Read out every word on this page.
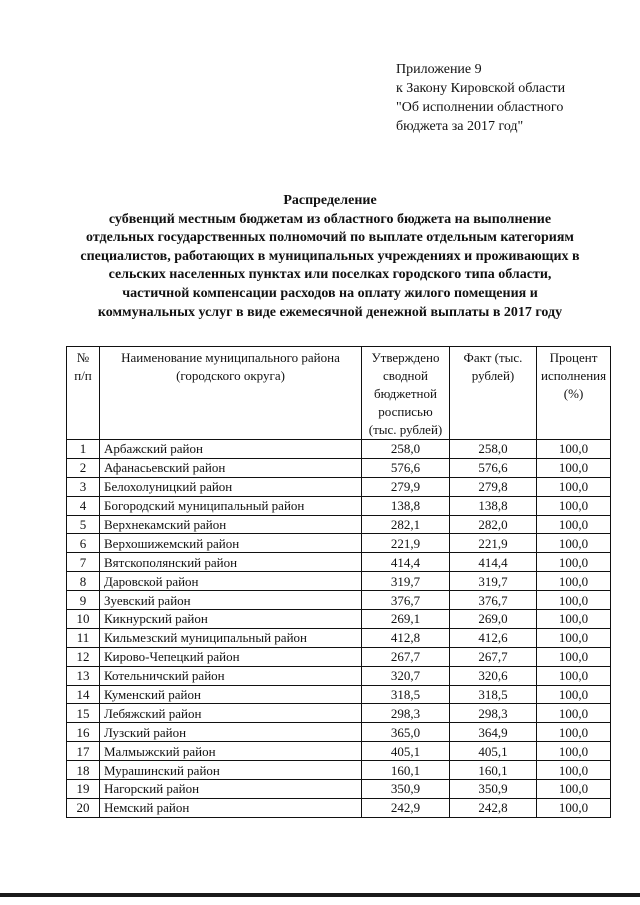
Приложение 9
к Закону Кировской области
"Об исполнении областного
бюджета за 2017 год"
Распределение
субвенций местным бюджетам из областного бюджета на выполнение
отдельных государственных полномочий по выплате отдельным категориям
специалистов, работающих в муниципальных учреждениях и проживающих в
сельских населенных пунктах или поселках городского типа области,
частичной компенсации расходов на оплату жилого помещения и
коммунальных услуг в виде ежемесячной денежной выплаты в 2017 году
№ п/п	Наименование муниципального района (городского округа)	Утверждено сводной бюджетной росписью (тыс. рублей)	Факт (тыс. рублей)	Процент исполнения (%)
1	Арбажский район	258,0	258,0	100,0
2	Афанасьевский район	576,6	576,6	100,0
3	Белохолуницкий район	279,9	279,8	100,0
4	Богородский муниципальный район	138,8	138,8	100,0
5	Верхнекамский район	282,1	282,0	100,0
6	Верхошижемский район	221,9	221,9	100,0
7	Вятскополянский район	414,4	414,4	100,0
8	Даровской район	319,7	319,7	100,0
9	Зуевский район	376,7	376,7	100,0
10	Кикнурский район	269,1	269,0	100,0
11	Кильмезский муниципальный район	412,8	412,6	100,0
12	Кирово-Чепецкий район	267,7	267,7	100,0
13	Котельничский район	320,7	320,6	100,0
14	Куменский район	318,5	318,5	100,0
15	Лебяжский район	298,3	298,3	100,0
16	Лузский район	365,0	364,9	100,0
17	Малмыжский район	405,1	405,1	100,0
18	Мурашинский район	160,1	160,1	100,0
19	Нагорский район	350,9	350,9	100,0
20	Немский район	242,9	242,8	100,0
